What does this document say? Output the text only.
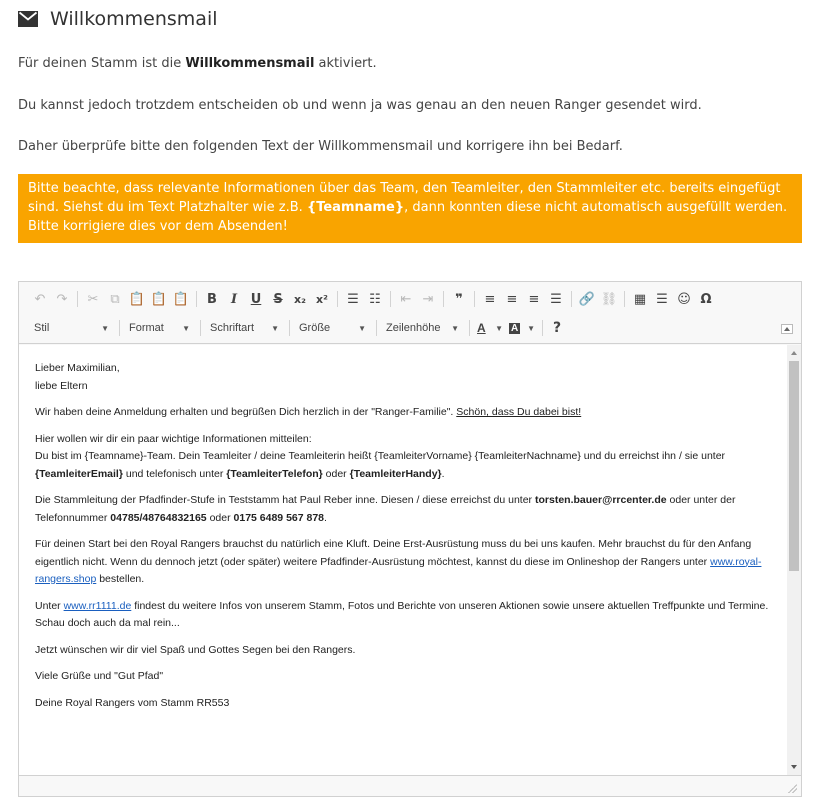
Willkommensmail
Für deinen Stamm ist die Willkommensmail aktiviert.
Du kannst jedoch trotzdem entscheiden ob und wenn ja was genau an den neuen Ranger gesendet wird.
Daher überprüfe bitte den folgenden Text der Willkommensmail und korrigere ihn bei Bedarf.
Bitte beachte, dass relevante Informationen über das Team, den Teamleiter, den Stammleiter etc. bereits eingefügt sind. Siehst du im Text Platzhalter wie z.B. {Teamname}, dann konnten diese nicht automatisch ausgefüllt werden. Bitte korrigiere dies vor dem Absenden!
↶ ↷	✂ ⧉ 📋 📋 📋	B	I	U S	x₂ x²	☰ ☷	⇤ ⇥	❞	≡ ≡ ≡ ☰	🔗 ⛓	▦ ☰ ☺ Ω
Stil	▼ Format ▼ Schriftart ▼ Größe	▼ Zeilenhöhe ▼ A ▼ A ▼	?

Lieber Maximilian,
liebe Eltern

Wir haben deine Anmeldung erhalten und begrüßen Dich herzlich in der "Ranger-Familie". Schön, dass Du dabei bist!

Hier wollen wir dir ein paar wichtige Informationen mitteilen:
Du bist im {Teamname}-Team. Dein Teamleiter / deine Teamleiterin heißt {TeamleiterVorname} {TeamleiterNachname} und du erreichst ihn / sie unter {TeamleiterEmail} und telefonisch unter {TeamleiterTelefon} oder {TeamleiterHandy}.

Die Stammleitung der Pfadfinder-Stufe in Teststamm hat Paul Reber inne. Diesen / diese erreichst du unter torsten.bauer@rrcenter.de oder unter der Telefonnummer 04785/48764832165 oder 0175 6489 567 878.

Für deinen Start bei den Royal Rangers brauchst du natürlich eine Kluft. Deine Erst-Ausrüstung muss du bei uns kaufen. Mehr brauchst du für den Anfang eigentlich nicht. Wenn du dennoch jetzt (oder später) weitere Pfadfinder-Ausrüstung möchtest, kannst du diese im Onlineshop der Rangers unter www.royal-rangers.shop bestellen.

Unter www.rr1111.de findest du weitere Infos von unserem Stamm, Fotos und Berichte von unseren Aktionen sowie unsere aktuellen Treffpunkte und Termine. Schau doch auch da mal rein...

Jetzt wünschen wir dir viel Spaß und Gottes Segen bei den Rangers.

Viele Grüße und "Gut Pfad"

Deine Royal Rangers vom Stamm RR553
